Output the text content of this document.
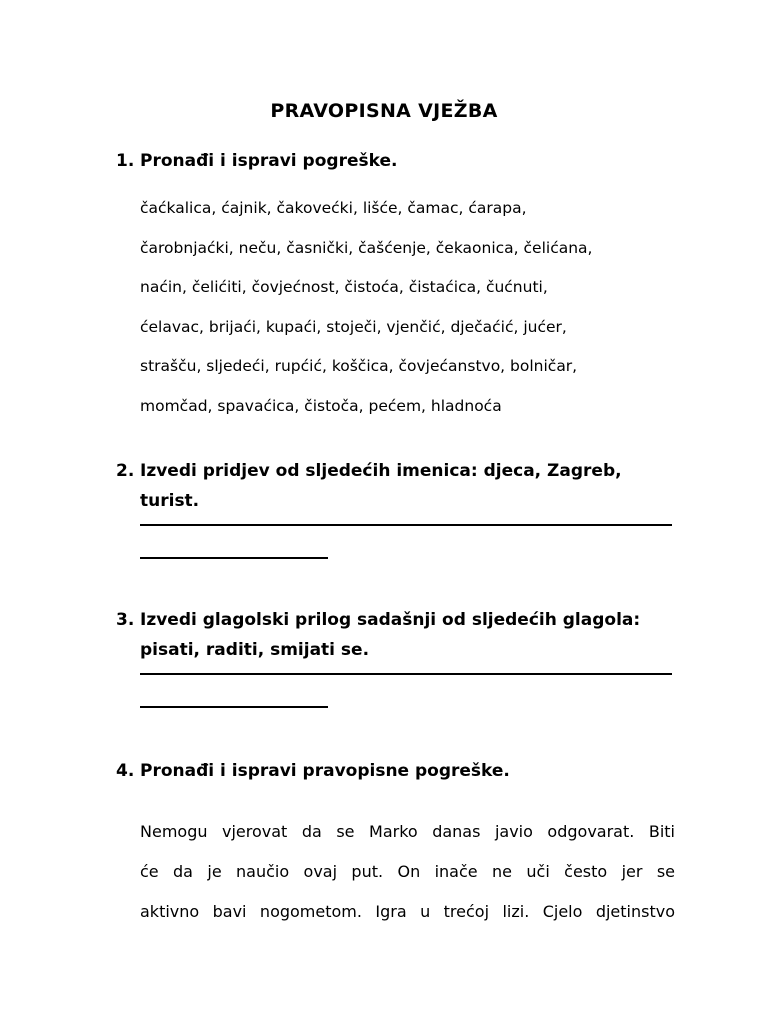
PRAVOPISNA VJEŽBA
1. Pronađi i ispravi pogreške.
čaćkalica, ćajnik, čakovećki, lišće, čamac, ćarapa,
čarobnjaćki, neču, časnički, čašćenje, čekaonica, čelićana,
naćin, čelićiti, čovjećnost, čistoća, čistaćica, čućnuti,
ćelavac, brijaći, kupaći, stoječi, vjenčić, dječaćić, jućer,
strašču, sljedeći, rupćić, koščica, čovjećanstvo, bolničar,
momčad, spavaćica, čistoča, pećem, hladnoća
2. Izvedi pridjev od sljedećih imenica: djeca, Zagreb, turist.
3. Izvedi glagolski prilog sadašnji od sljedećih glagola: pisati, raditi, smijati se.
4. Pronađi i ispravi pravopisne pogreške.
Nemogu vjerovat da se Marko danas javio odgovarat. Biti
će da je naučio ovaj put. On inače ne uči često jer se
aktivno bavi nogometom. Igra u trećoj lizi. Cjelo djetinstvo
